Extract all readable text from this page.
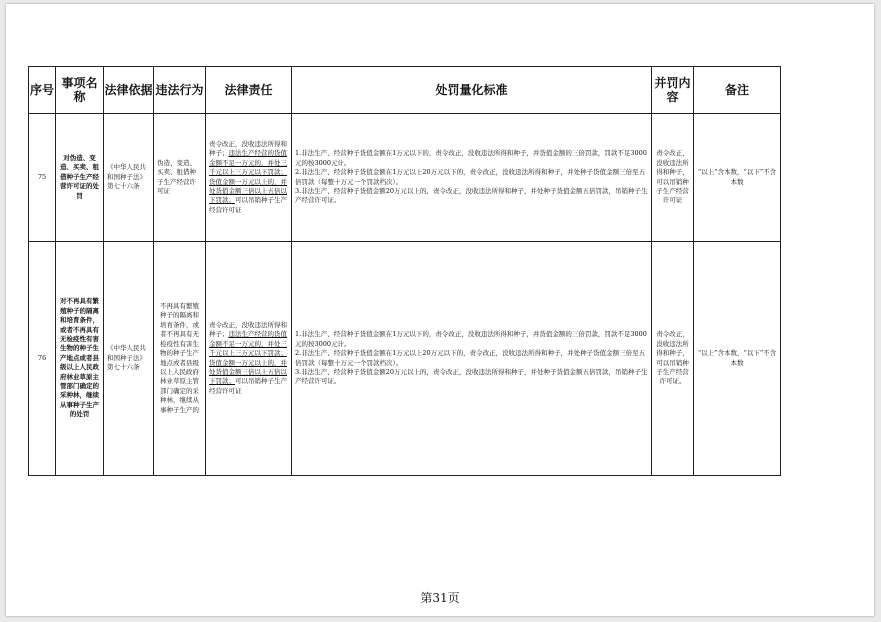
序号	事项名称	法律依据	违法行为	法律责任	处罚量化标准	并罚内容	备注
75	对伪造、变造、买卖、租借种子生产经营许可证的处罚	《中华人民共和国种子法》第七十六条	伪造、变造、买卖、租借种子生产经营许可证	责令改正，没收违法所得和种子；违法生产经营的货值金额不足一万元的，并处三千元以上三万元以下罚款；货值金额一万元以上的，并处货值金额三倍以上五倍以下罚款；可以吊销种子生产经营许可证	1.非法生产、经营种子货值金额在1万元以下的，责令改正，没收违法所得和种子，并货值金额的三倍罚款，罚款不足3000元的按3000元计。
2.非法生产、经营种子货值金额在1万元以上20万元以下的，责令改正，没收违法所得和种子，并处种子货值金额三倍至五倍罚款（每整十万元一个罚款档次）。
3.非法生产、经营种子货值金额20万元以上的，责令改正，没收违法所得和种子，并处种子货值金额五倍罚款，吊销种子生产经营许可证。	责令改正，没收违法所得和种子，可以吊销种子生产经营许可证	“以上”含本数，“以下”不含本数
76	对不再具有繁殖种子的隔离和培育条件，或者不再具有无检疫性有害生物的种子生产地点或者县级以上人民政府林业草原主管部门确定的采种林，继续从事种子生产的处罚	《中华人民共和国种子法》第七十六条	不再具有繁殖种子的隔离和培育条件，或者不再具有无检疫性有害生物的种子生产地点或者县级以上人民政府林业草原主管部门确定的采种林，继续从事种子生产的	责令改正，没收违法所得和种子；违法生产经营的货值金额不足一万元的，并处三千元以上三万元以下罚款；货值金额一万元以上的，并处货值金额三倍以上五倍以下罚款；可以吊销种子生产经营许可证	1.非法生产、经营种子货值金额在1万元以下的，责令改正，没收违法所得和种子，并货值金额的三倍罚款，罚款不足3000元的按3000元计。
2.非法生产、经营种子货值金额在1万元以上20万元以下的，责令改正，没收违法所得和种子，并处种子货值金额三倍至五倍罚款（每整十万元一个罚款档次）。
3.非法生产、经营种子货值金额20万元以上的，责令改正，没收违法所得和种子，并处种子货值金额五倍罚款，吊销种子生产经营许可证。	责令改正，没收违法所得和种子，可以吊销种子生产经营许可证。	“以上”含本数，“以下”不含本数
第31页
